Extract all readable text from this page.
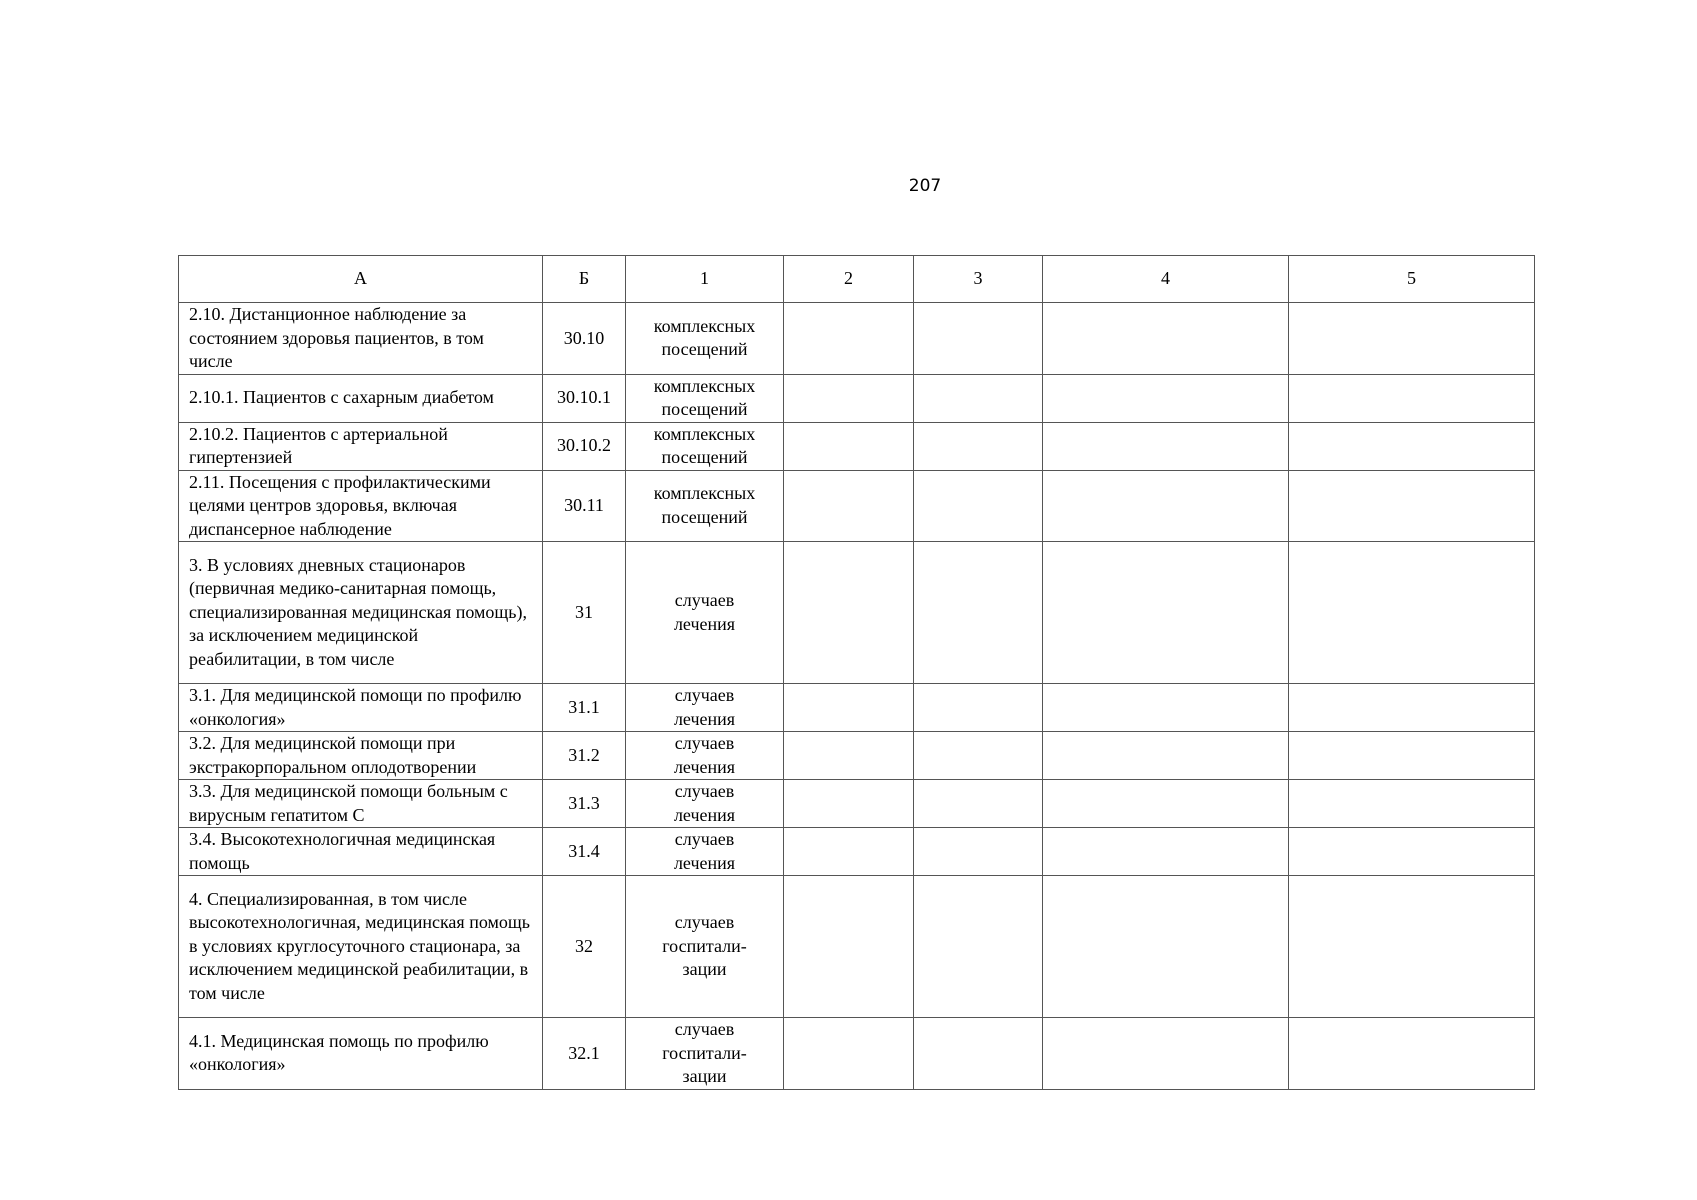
207
А	Б	1	2	3	4	5
2.10. Дистанционное наблюдение за состоянием здоровья пациентов, в том числе	30.10	комплексных
посещений				

2.10.1. Пациентов с сахарным диабетом	30.10.1	комплексных
посещений				

2.10.2. Пациентов с артериальной гипертензией	30.10.2	комплексных
посещений				

2.11. Посещения с профилактическими целями центров здоровья, включая диспансерное наблюдение	30.11	комплексных
посещений				

3. В условиях дневных стационаров (первичная медико-санитарная помощь, специализированная медицинская помощь), за исключением медицинской реабилитации, в том числе	31	случаев
лечения				

3.1. Для медицинской помощи по профилю «онкология»	31.1	случаев
лечения				

3.2. Для медицинской помощи при экстракорпоральном оплодотворении	31.2	случаев
лечения				

3.3. Для медицинской помощи больным с вирусным гепатитом С	31.3	случаев
лечения				

3.4. Высокотехнологичная медицинская помощь	31.4	случаев
лечения				

4. Специализированная, в том числе высокотехнологичная, медицинская помощь в условиях круглосуточного стационара, за исключением медицинской реабилитации, в том числе	32	случаев
госпитали-
зации				

4.1. Медицинская помощь по профилю «онкология»	32.1	случаев
госпитали-
зации				
